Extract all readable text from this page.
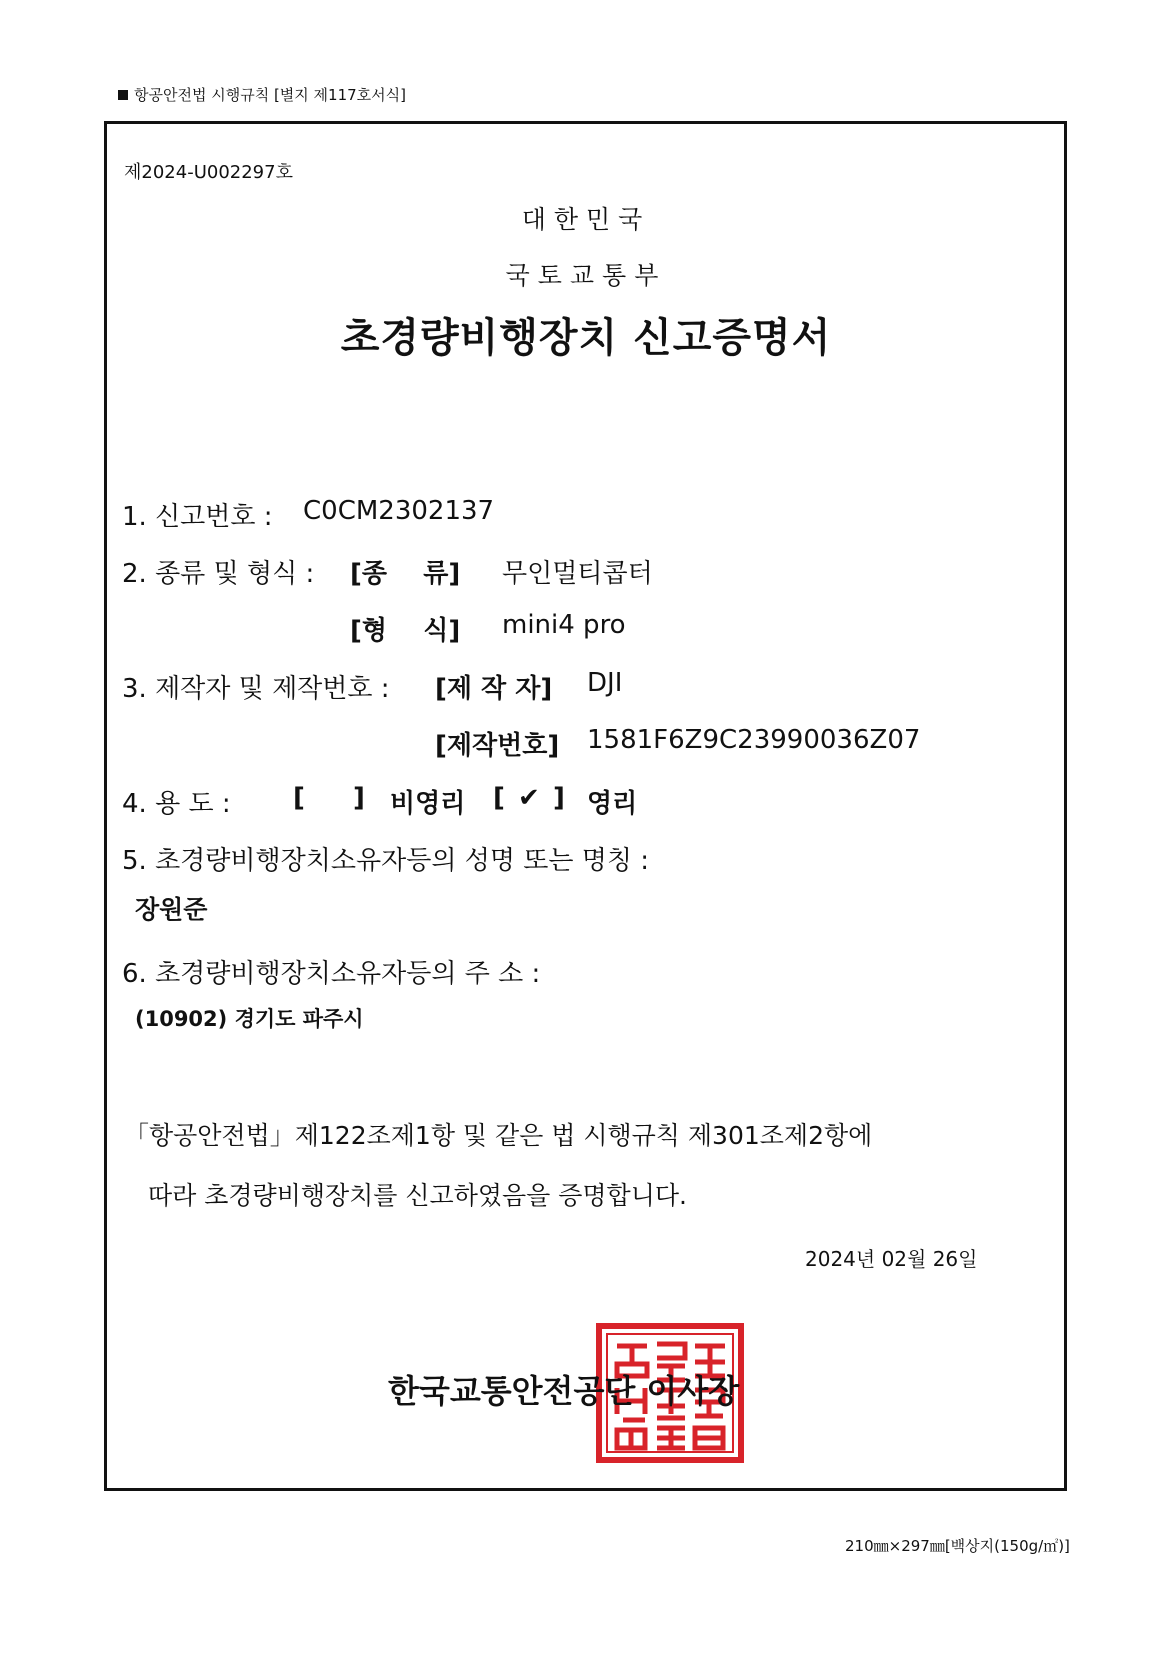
항공안전법 시행규칙 [별지 제117호서식]
제2024-U002297호
대한민국
국토교통부
초경량비행장치 신고증명서
1. 신고번호 : C0CM2302137
2. 종류 및 형식 : [종    류] 무인멀티콥터
[형    식] mini4 pro
3. 제작자 및 제작번호 : [제 작 자] DJI
[제작번호] 1581F6Z9C23990036Z07
4. 용 도 : [  ] 비영리 [ ✔ ] 영리
5. 초경량비행장치소유자등의 성명 또는 명칭 :
장원준
6. 초경량비행장치소유자등의 주 소 :
(10902) 경기도 파주시
「항공안전법」제122조제1항 및 같은 법 시행규칙 제301조제2항에
따라 초경량비행장치를 신고하였음을 증명합니다.
2024년 02월 26일
한국교통안전공단 이사장
210㎜×297㎜[백상지(150g/㎡)]
